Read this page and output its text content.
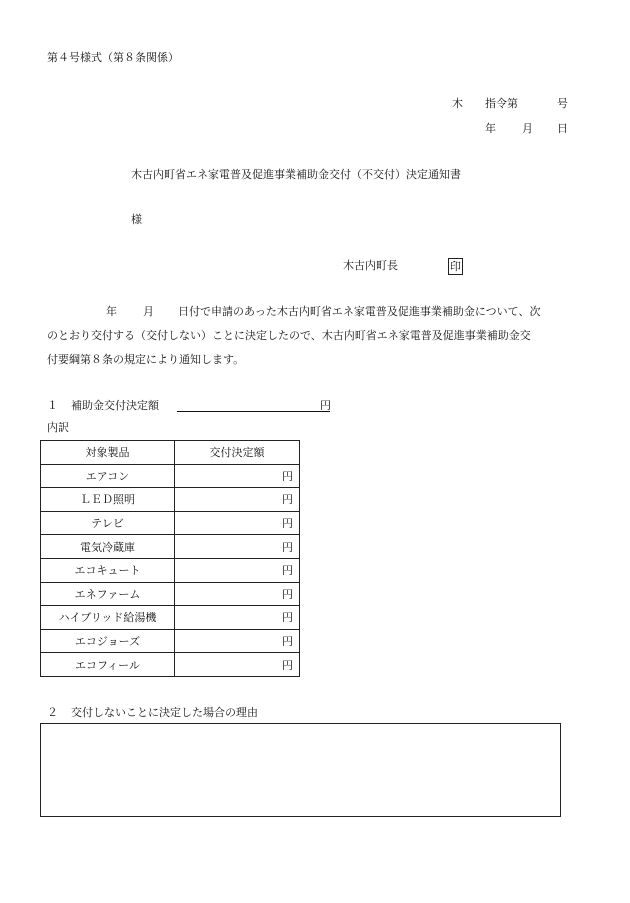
第４号様式（第８条関係）
木 指令第	号
年 月 日
木古内町省エネ家電普及促進事業補助金交付（不交付）決定通知書
様
木古内町長	印
年 月 日付で申請のあった木古内町省エネ家電普及促進事業補助金について、次
のとおり交付する（交付しない）ことに決定したので、木古内町省エネ家電普及促進事業補助金交
付要綱第８条の規定により通知します。
１ 補助金交付決定額	円
内訳
対象製品	交付決定額
エアコン	円
ＬＥＤ照明	円
テレビ	円
電気冷蔵庫	円
エコキュート	円
エネファーム	円
ハイブリッド給湯機	円
エコジョーズ	円
エコフィール	円
２ 交付しないことに決定した場合の理由
